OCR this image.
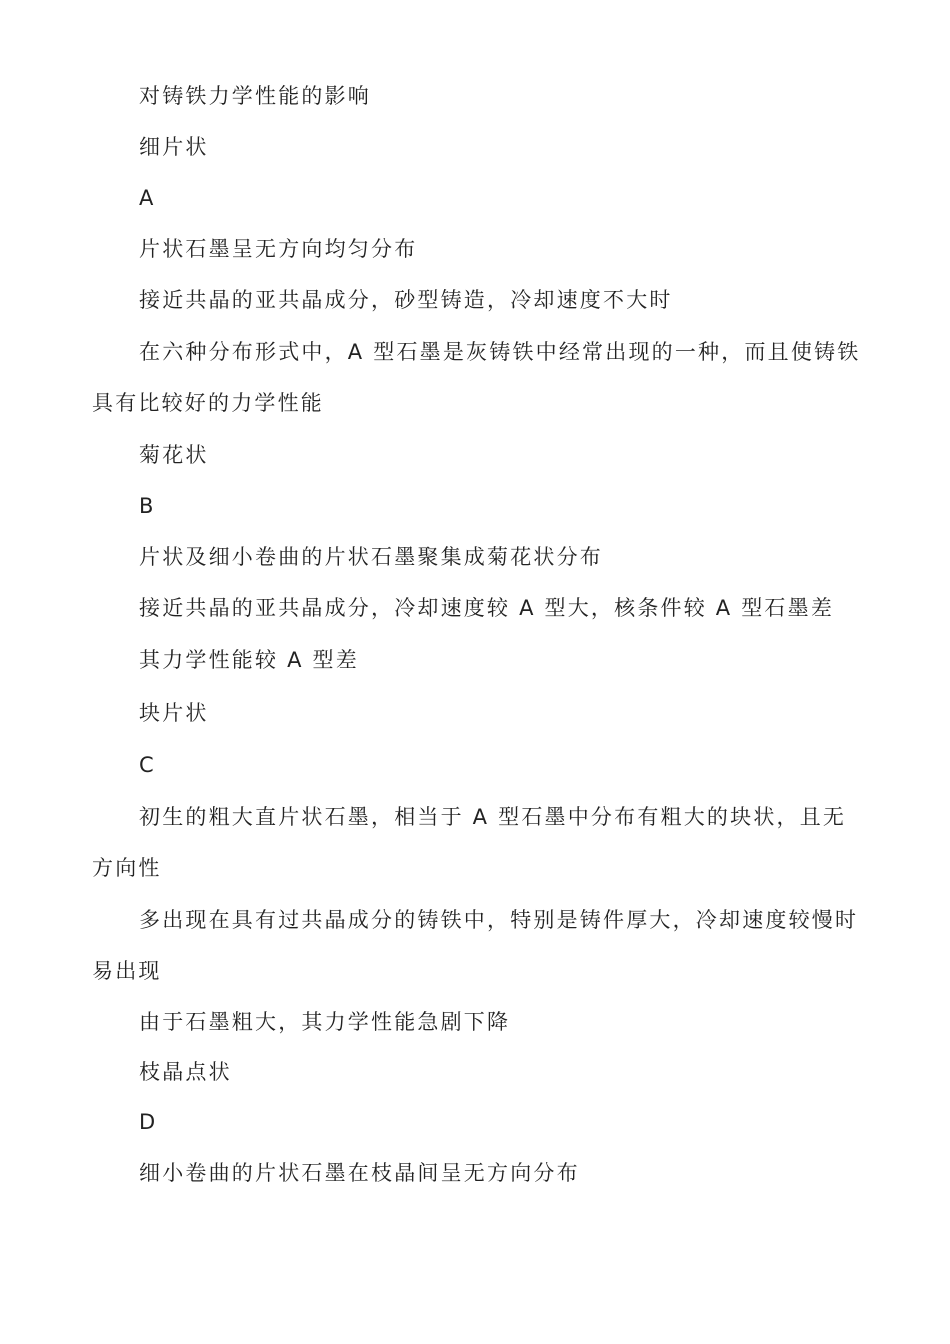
对铸铁力学性能的影响

细片状

A

片状石墨呈无方向均匀分布

接近共晶的亚共晶成分，砂型铸造，冷却速度不大时

在六种分布形式中，A 型石墨是灰铸铁中经常出现的一种，而且使铸铁具有比较好的力学性能

菊花状

B

片状及细小卷曲的片状石墨聚集成菊花状分布

接近共晶的亚共晶成分，冷却速度较 A 型大，核条件较 A 型石墨差

其力学性能较 A 型差

块片状

C

初生的粗大直片状石墨，相当于 A 型石墨中分布有粗大的块状，且无方向性

多出现在具有过共晶成分的铸铁中，特别是铸件厚大，冷却速度较慢时易出现

由于石墨粗大，其力学性能急剧下降

枝晶点状

D

细小卷曲的片状石墨在枝晶间呈无方向分布
